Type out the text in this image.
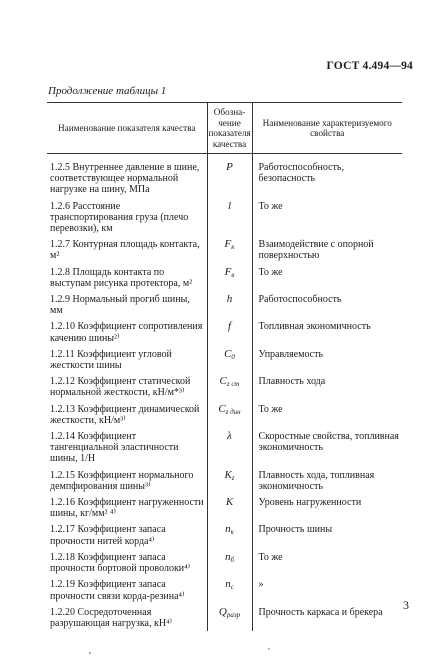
ГОСТ 4.494—94
Продолжение таблицы 1
Наименование показателя качества	Обозна-чение показателя качества	Наименование характеризуемого свойства
1.2.5 Внутреннее давление в шине, соответствующее нормальной нагрузке на шину, МПа	P	Работоспособность, безопасность
1.2.6 Расстояние транспортирования груза (плечо перевозки), км	l	То же
1.2.7 Контурная площадь контакта, м²	$F_к$	Взаимодействие с опорной поверхностью
1.2.8 Площадь контакта по выступам рисунка протектора, м²	$F_в$	То же
1.2.9 Нормальный прогиб шины, мм	h	Работоспособность
1.2.10 Коэффициент сопротивления качению шины²⁾	f	Топливная экономичность
1.2.11 Коэффициент угловой жесткости шины	$C_0$	Управляемость
1.2.12 Коэффициент статической нормальной жесткости, кН/м*³⁾	$C_{z ст}$	Плавность хода
1.2.13 Коэффициент динамической жесткости, кН/м³⁾	$C_{z дин}$	То же
1.2.14 Коэффициент тангенциальной эластичности шины, 1/Н	λ	Скоростные свойства, топливная экономичность
1.2.15 Коэффициент нормального демпфирования шины³⁾	$K_z$	Плавность хода, топливная экономичность
1.2.16 Коэффициент нагруженности шины, кг/мм² ⁴⁾	K	Уровень нагруженности
1.2.17 Коэффициент запаса прочности нитей корда⁴⁾	$n_к$	Прочность шины
1.2.18 Коэффициент запаса прочности бортовой проволоки⁴⁾	$n_б$	То же
1.2.19 Коэффициент запаса прочности связи корда-резина⁴⁾	$n_с$	»
1.2.20 Сосредоточенная разрушающая нагрузка, кН⁴⁾	$Q_{разр}$	Прочность каркаса и брекера
3
